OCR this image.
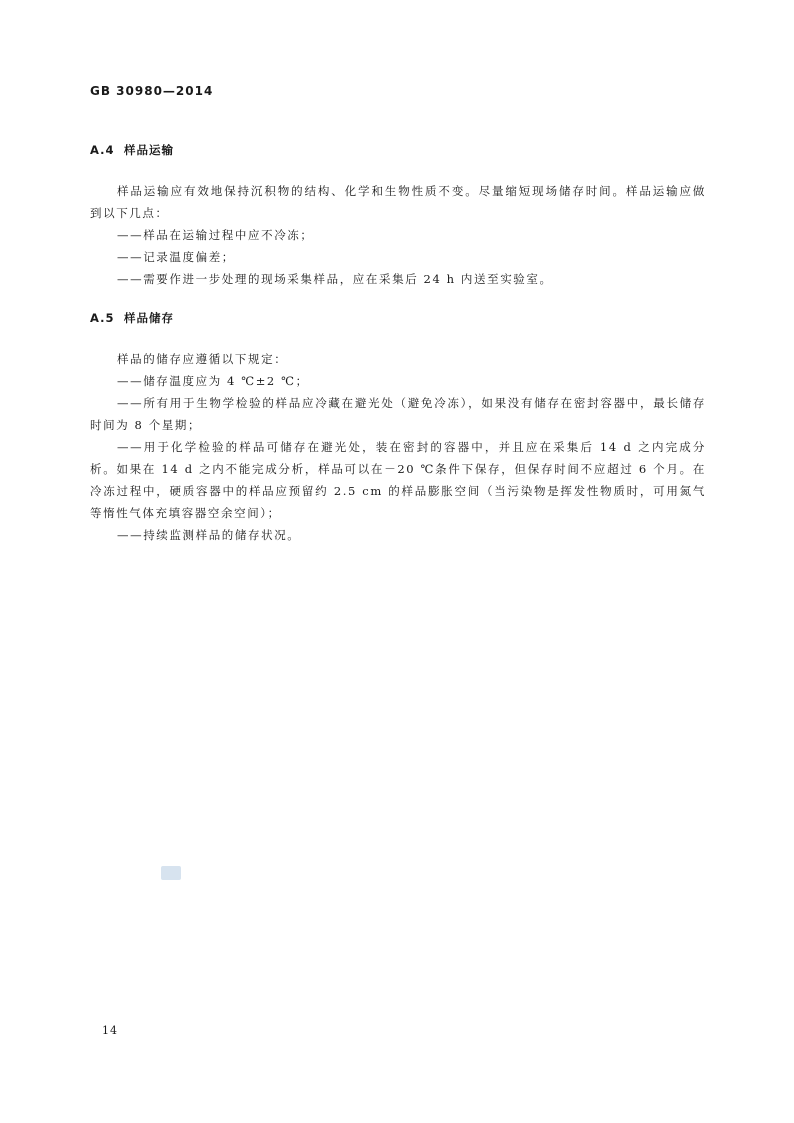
GB 30980—2014
A.4 样品运输

样品运输应有效地保持沉积物的结构、化学和生物性质不变。尽量缩短现场储存时间。样品运输应做到以下几点：

——样品在运输过程中应不冷冻；

——记录温度偏差；

——需要作进一步处理的现场采集样品，应在采集后 24 h 内送至实验室。

A.5 样品储存

样品的储存应遵循以下规定：

——储存温度应为 4 ℃±2 ℃；

——所有用于生物学检验的样品应冷藏在避光处（避免冷冻），如果没有储存在密封容器中，最长储存时间为 8 个星期；

——用于化学检验的样品可储存在避光处，装在密封的容器中，并且应在采集后 14 d 之内完成分析。如果在 14 d 之内不能完成分析，样品可以在－20 ℃条件下保存，但保存时间不应超过 6 个月。在冷冻过程中，硬质容器中的样品应预留约 2.5 cm 的样品膨胀空间（当污染物是挥发性物质时，可用氮气等惰性气体充填容器空余空间）；

——持续监测样品的储存状况。

14
